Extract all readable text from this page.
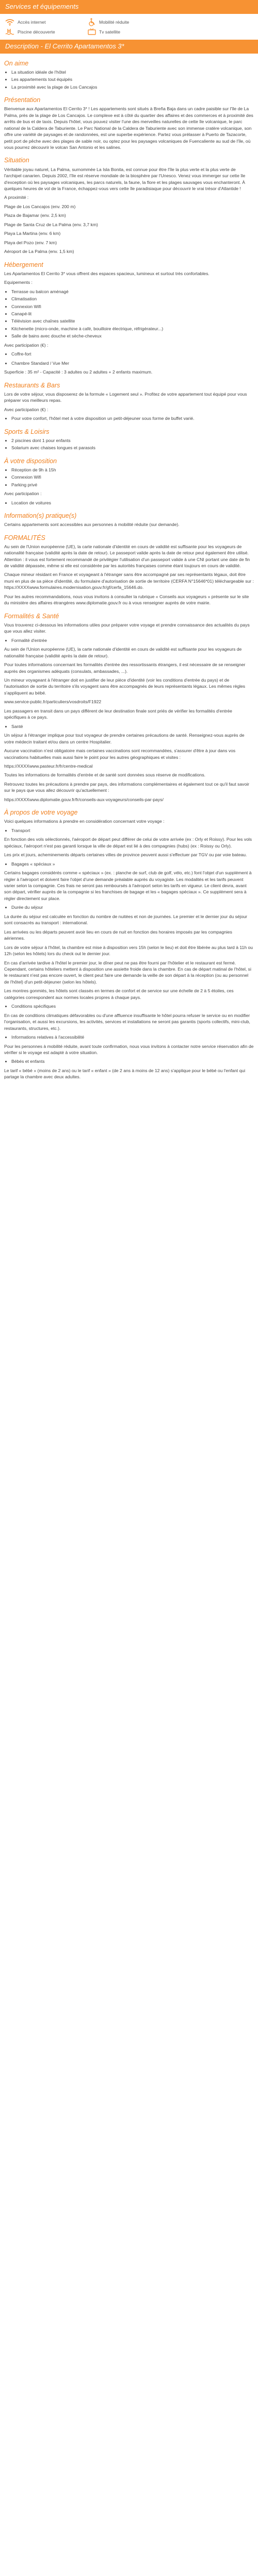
Services et équipements
Accès internet	Mobilité réduite
Piscine découverte	Tv satellite
Description - El Cerrito Apartamentos 3*
On aime
• La situation idéale de l'hôtel
• Les appartements tout équipés
• La proximité avec la plage de Los Cancajos
Présentation

Bienvenue aux Apartamentos El Cerrito 3* ! Les appartements sont situés à Breña Baja dans un cadre paisible sur l'île de La Palma, près de la plage de Los Cancajos. Le complexe est à côté du quartier des affaires et des commerces et à proximité des arrêts de bus et de taxis. Depuis l'hôtel, vous pouvez visiter l'une des merveilles naturelles de cette île volcanique, le parc national de la Caldera de Taburiente. Le Parc National de la Caldera de Taburiente avec son immense cratère volcanique, son offre une variété de paysages et de randonnées, est une superbe expérience. Partez vous prélasser à Puerto de Tazacorte, petit port de pêche avec des plages de sable noir, ou optez pour les paysages volcaniques de Fuencaliente au sud de l'île, où vous pourrez découvrir le volcan San Antonio et les salines.

Situation

Véritable joyau naturel, La Palma, surnommée La Isla Bonita, est connue pour être l'île la plus verte et la plus verte de l'archipel canarien. Depuis 2002, l'île est réserve mondiale de la biosphère par l'Unesco. Venez vous immerger sur cette île d'exception où les paysages volcaniques, les parcs naturels, la faune, la flore et les plages sauvages vous enchanteront. À quelques heures de vol de la France, échappez-vous vers cette île paradisiaque pour découvrir le vrai trésor d'Atlantide !

A proximité :

Plage de Los Cancajos (env. 200 m)

Plaza de Bajamar (env. 2,5 km)

Plage de Santa Cruz de La Palma (env. 3,7 km)

Playa La Martina (env. 6 km)

Playa del Pozo (env. 7 km)

Aéroport de La Palma (env. 1,5 km)

Hébergement

Les Apartamentos El Cerrito 3* vous offrent des espaces spacieux, lumineux et surtout très confortables.

Equipements :

• Terrasse ou balcon aménagé
• Climatisation
• Connexion Wifi
• Canapé-lit
• Télévision avec chaînes satellite
• Kitchenette (micro-onde, machine à café, bouilloire électrique, réfrigérateur...)
• Salle de bains avec douche et sèche-cheveux

Avec participation (€) :

• Coffre-fort
• Chambre Standard / Vue Mer

Superficie : 35 m² - Capacité : 3 adultes ou 2 adultes + 2 enfants maximum.

Restaurants & Bars

Lors de votre séjour, vous disposerez de la formule « Logement seul ». Profitez de votre appartement tout équipé pour vous préparer vos meilleurs repas.

Avec participation (€) :

• Pour votre confort, l'hôtel met à votre disposition un petit-déjeuner sous forme de buffet varié.
Sports & Loisirs
• 2 piscines dont 1 pour enfants
• Solarium avec chaises longues et parasols
À votre disposition
• Réception de 9h à 15h
• Connexion Wifi
• Parking privé

Avec participation :

• Location de voitures
Information(s) pratique(s)

Certains appartements sont accessibles aux personnes à mobilité réduite (sur demande).

FORMALITÉS

Au sein de l'Union européenne (UE), la carte nationale d'identité en cours de validité est suffisante pour les voyageurs de nationalité française (validité après la date de retour). Le passeport valide après la date de retour peut également être utilisé. Attention : il vous est fortement recommandé de privilégier l'utilisation d'un passeport valide à une CNI portant une date de fin de validité dépassée, même si elle est considérée par les autorités françaises comme étant toujours en cours de validité.

Chaque mineur résidant en France et voyageant à l'étranger sans être accompagné par ses représentants légaux, doit être muni en plus de sa pièce d'identité, du formulaire d'autorisation de sortie de territoire (CERFA N°15646*01) téléchargeable sur : https://XXXXwww.formulaires.modernisation.gouv.fr/gf/cerfa_15646.do.

Pour les autres recommandations, nous vous invitons à consulter la rubrique « Conseils aux voyageurs » présente sur le site du ministère des affaires étrangères www.diplomatie.gouv.fr ou à vous renseigner auprès de votre mairie.

Formalités & Santé

Vous trouverez ci-dessous les informations utiles pour préparer votre voyage et prendre connaissance des actualités du pays que vous allez visiter.

• Formalité d'entrée

Au sein de l'Union européenne (UE), la carte nationale d'identité en cours de validité est suffisante pour les voyageurs de nationalité française (validité après la date de retour).

Pour toutes informations concernant les formalités d'entrée des ressortissants étrangers, il est nécessaire de se renseigner auprès des organismes adéquats (consulats, ambassades, ...).

Un mineur voyageant à l'étranger doit en justifier de leur pièce d'identité (voir les conditions d'entrée du pays) et de l'autorisation de sortie du territoire s'ils voyagent sans être accompagnés de leurs représentants légaux. Les mêmes règles s'appliquent au bébé.

www.service-public.fr/particuliers/vosdroits/F1922

Les passagers en transit dans un pays différent de leur destination finale sont priés de vérifier les formalités d'entrée spécifiques à ce pays.

• Santé

Un séjour à l'étranger implique pour tout voyageur de prendre certaines précautions de santé. Renseignez-vous auprès de votre médecin traitant et/ou dans un centre Hospitalier.

Aucune vaccination n'est obligatoire mais certaines vaccinations sont recommandées, s'assurer d'être à jour dans vos vaccinations habituelles mais aussi faire le point pour les autres géographiques et visites :

https://XXXXwww.pasteur.fr/fr/centre-medical

Toutes les informations de formalités d'entrée et de santé sont données sous réserve de modifications.

Retrouvez toutes les précautions à prendre par pays, des informations complémentaires et également tout ce qu'il faut savoir sur le pays que vous allez découvrir qu'actuellement :

https://XXXXwww.diplomatie.gouv.fr/fr/conseils-aux-voyageurs/conseils-par-pays/

À propos de votre voyage

Voici quelques informations à prendre en considération concernant votre voyage :

• Transport

En fonction des vols sélectionnés, l'aéroport de départ peut différer de celui de votre arrivée (ex : Orly et Roissy). Pour les vols spéciaux, l'aéroport n'est pas garanti lorsque la ville de départ est lié à des compagnies (hubs) (ex : Roissy ou Orly).

Les prix et jours, acheminements départs certaines villes de province peuvent aussi s'effectuer par TGV ou par voie bateau.

• Bagages « spéciaux »

Certains bagages considérés comme « spéciaux » (ex. : planche de surf, club de golf, vélo, etc.) font l'objet d'un supplément à régler à l'aéroport et doivent faire l'objet d'une demande préalable auprès du voyagiste. Les modalités et les tarifs peuvent varier selon la compagnie. Ces frais ne seront pas remboursés à l'aéroport selon les tarifs en vigueur. Le client devra, avant son départ, vérifier auprès de la compagnie si les franchises de bagage et les « bagages spéciaux ». Ce supplément sera à régler directement sur place.

• Durée du séjour

La durée du séjour est calculée en fonction du nombre de nuitées et non de journées. Le premier et le dernier jour du séjour sont consacrés au transport : international.

Les arrivées ou les départs peuvent avoir lieu en cours de nuit en fonction des horaires imposés par les compagnies aériennes.

Lors de votre séjour à l'hôtel, la chambre est mise à disposition vers 15h (selon le lieu) et doit être libérée au plus tard à 11h ou 12h (selon les hôtels) lors du check out le dernier jour.

En cas d'arrivée tardive à l'hôtel le premier jour, le dîner peut ne pas être fourni par l'hôtelier et le restaurant est fermé. Cependant, certains hôteliers mettent à disposition une assiette froide dans la chambre. En cas de départ matinal de l'hôtel, si le restaurant n'est pas encore ouvert, le client peut faire une demande la veille de son départ à la réception (ou au personnel de l'hôtel) d'un petit-déjeuner (selon les hôtels).

Les montres gonmiés, les hôtels sont classés en termes de confort et de service sur une échelle de 2 à 5 étoiles, ces catégories correspondent aux normes locales propres à chaque pays.

• Conditions spécifiques

En cas de conditions climatiques défavorables ou d'une affluence insuffisante le hôtel pourra refuser le service ou en modifier l'organisation, et aussi les excursions, les activités, services et installations ne seront pas garantis (sports collectifs, mini-club, restaurants, structures, etc.).

• Informations relatives à l'accessibilité

Pour les personnes à mobilité réduite, avant toute confirmation, nous vous invitons à contacter notre service réservation afin de vérifier si le voyage est adapté à votre situation.

• Bébés et enfants

Le tarif « bébé » (moins de 2 ans) ou le tarif « enfant » (de 2 ans à moins de 12 ans) s'applique pour le bébé ou l'enfant qui partage la chambre avec deux adultes.
